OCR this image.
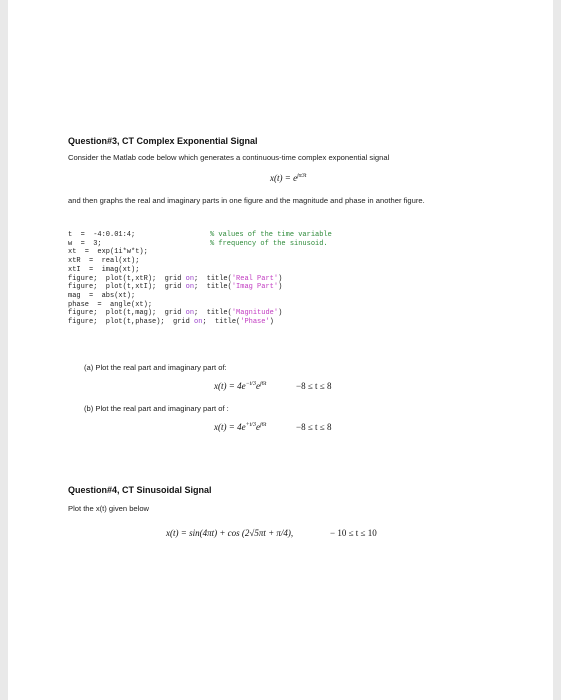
Question#3, CT Complex Exponential Signal
Consider the Matlab code below which generates a continuous-time complex exponential signal
$x(t) = e^{j\pi 3t}$
and then graphs the real and imaginary parts in one figure and the magnitude and phase in another figure.
t  =  -4:0.01:4;	% values of the time variable
w  =  3;	% frequency of the sinusoid.
xt  =  exp(1i*w*t);
xtR  =  real(xt);
xtI  =  imag(xt);
figure;  plot(t,xtR);  grid on;  title('Real Part')
figure;  plot(t,xtI);  grid on;  title('Imag Part')
mag  =  abs(xt);
phase  =  angle(xt);
figure;  plot(t,mag);  grid on;  title('Magnitude')
figure;  plot(t,phase);  grid on;  title('Phase')
(a) Plot the real part and imaginary part of:
$x(t) = 4e^{-t/3}e^{j6t}$	−8 ≤ t ≤ 8
(b) Plot the real part and imaginary part of :
$x(t) = 4e^{+t/3}e^{j6t}$	−8 ≤ t ≤ 8
Question#4, CT Sinusoidal Signal
Plot the x(t) given below
x(t) = sin(4πt) + cos (2√5πt + π/4),	− 10 ≤ t ≤ 10
